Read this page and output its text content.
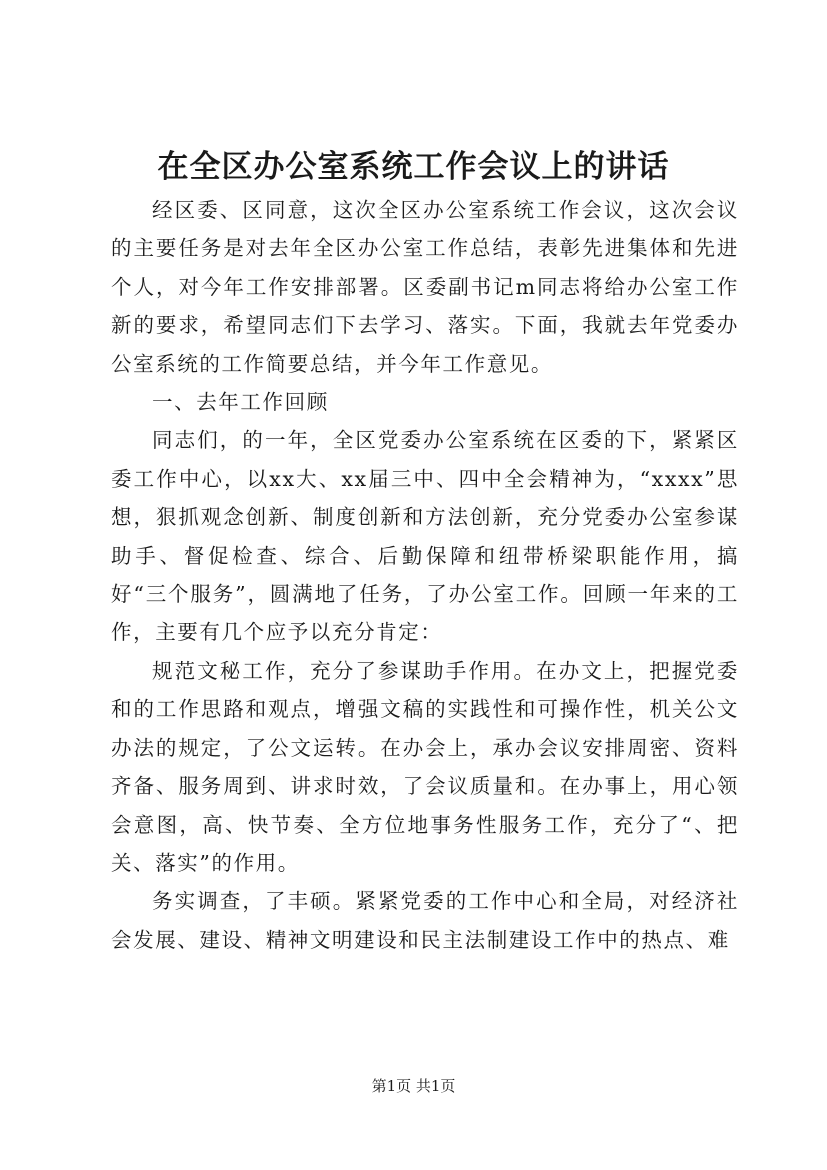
在全区办公室系统工作会议上的讲话

经区委、区同意，这次全区办公室系统工作会议，这次会议的主要任务是对去年全区办公室工作总结，表彰先进集体和先进个人，对今年工作安排部署。区委副书记m同志将给办公室工作新的要求，希望同志们下去学习、落实。下面，我就去年党委办公室系统的工作简要总结，并今年工作意见。

一、去年工作回顾

同志们，的一年，全区党委办公室系统在区委的下，紧紧区委工作中心，以xx大、xx届三中、四中全会精神为，“xxxx”思想，狠抓观念创新、制度创新和方法创新，充分党委办公室参谋助手、督促检查、综合、后勤保障和纽带桥梁职能作用，搞好“三个服务”，圆满地了任务，了办公室工作。回顾一年来的工作，主要有几个应予以充分肯定：

规范文秘工作，充分了参谋助手作用。在办文上，把握党委和的工作思路和观点，增强文稿的实践性和可操作性，机关公文办法的规定，了公文运转。在办会上，承办会议安排周密、资料齐备、服务周到、讲求时效，了会议质量和。在办事上，用心领会意图，高、快节奏、全方位地事务性服务工作，充分了“、把关、落实”的作用。

务实调查，了丰硕。紧紧党委的工作中心和全局，对经济社会发展、建设、精神文明建设和民主法制建设工作中的热点、难

第1页 共1页
